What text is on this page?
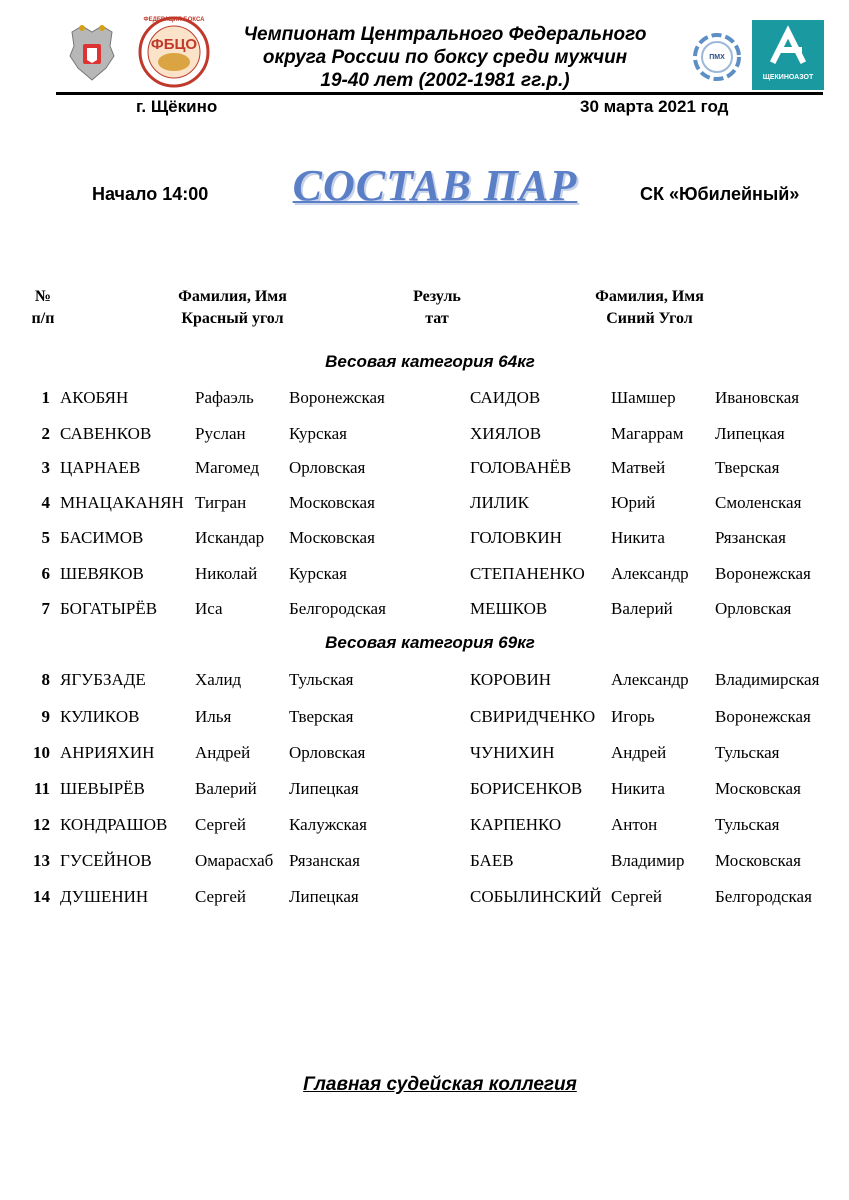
ФЕДЕРАЦИЯ БОКСА
ФБЦО
ПМХ
ЩЕКИНОАЗОТ
Чемпионат Центрального Федерального
округа России по боксу среди мужчин
19-40 лет (2002-1981 гг.р.)
г. Щёкино	30 марта 2021 год
Начало 14:00 СОСТАВ ПАР	СК «Юбилейный»
№
п/п
Фамилия, Имя
Красный угол
Резуль
тат
Фамилия, Имя
Синий Угол
Весовая категория 64кг
1 АКОБЯН	Рафаэль Воронежская	САИДОВ	Шамшер Ивановская
2 САВЕНКОВ	Руслан	Курская	ХИЯЛОВ	Магаррам Липецкая
3 ЦАРНАЕВ	Магомед Орловская	ГОЛОВАНЁВ Матвей	Тверская
4 МНАЦАКАНЯН Тигран	Московская	ЛИЛИК	Юрий	Смоленская
5 БАСИМОВ	Искандар Московская	ГОЛОВКИН	Никита	Рязанская
6 ШЕВЯКОВ	Николай Курская	СТЕПАНЕНКО Александр Воронежская
7 БОГАТЫРЁВ Иса	Белгородская	МЕШКОВ	Валерий Орловская
Весовая категория 69кг
8 ЯГУБЗАДЕ	Халид	Тульская	КОРОВИН	Александр Владимирская
9 КУЛИКОВ	Илья	Тверская	СВИРИДЧЕНКО Игорь	Воронежская
10 АНРИЯХИН Андрей Орловская	ЧУНИХИН	Андрей	Тульская
11 ШЕВЫРЁВ	Валерий Липецкая	БОРИСЕНКОВ Никита	Московская
12 КОНДРАШОВ Сергей	Калужская	КАРПЕНКО	Антон	Тульская
13 ГУСЕЙНОВ	Омарасхаб Рязанская	БАЕВ	Владимир Московская
14 ДУШЕНИН	Сергей	Липецкая	СОБЫЛИНСКИЙ Сергей	Белгородская
Главная судейская коллегия
